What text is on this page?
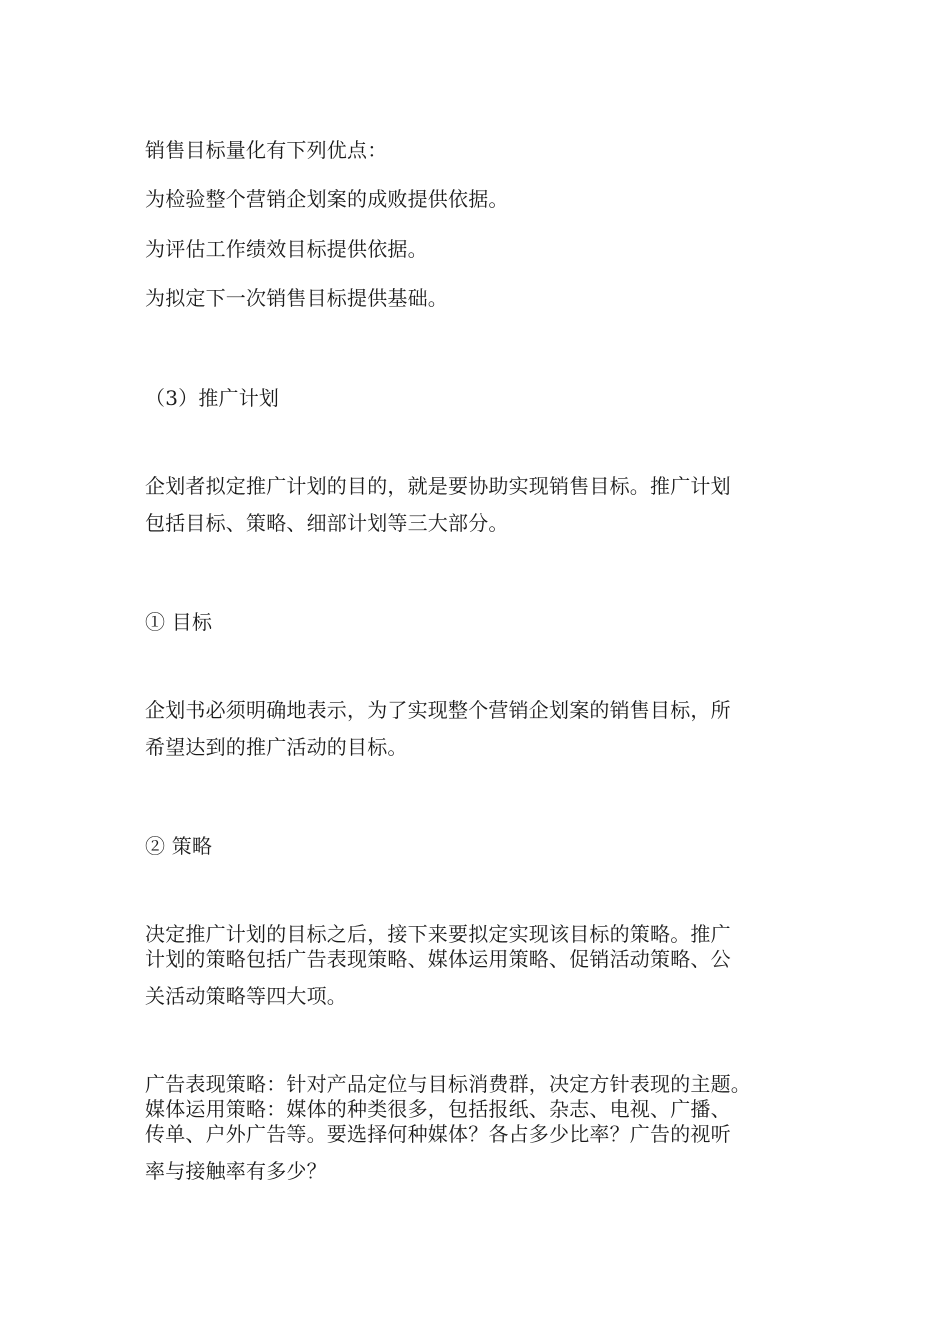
销售目标量化有下列优点：
为检验整个营销企划案的成败提供依据。
为评估工作绩效目标提供依据。
为拟定下一次销售目标提供基础。
（3）推广计划
企划者拟定推广计划的目的，就是要协助实现销售目标。推广计划
包括目标、策略、细部计划等三大部分。
① 目标
企划书必须明确地表示，为了实现整个营销企划案的销售目标，所
希望达到的推广活动的目标。
② 策略
决定推广计划的目标之后，接下来要拟定实现该目标的策略。推广
计划的策略包括广告表现策略、媒体运用策略、促销活动策略、公
关活动策略等四大项。
广告表现策略：针对产品定位与目标消费群，决定方针表现的主题。
媒体运用策略：媒体的种类很多，包括报纸、杂志、电视、广播、
传单、户外广告等。要选择何种媒体？各占多少比率？广告的视听
率与接触率有多少？
